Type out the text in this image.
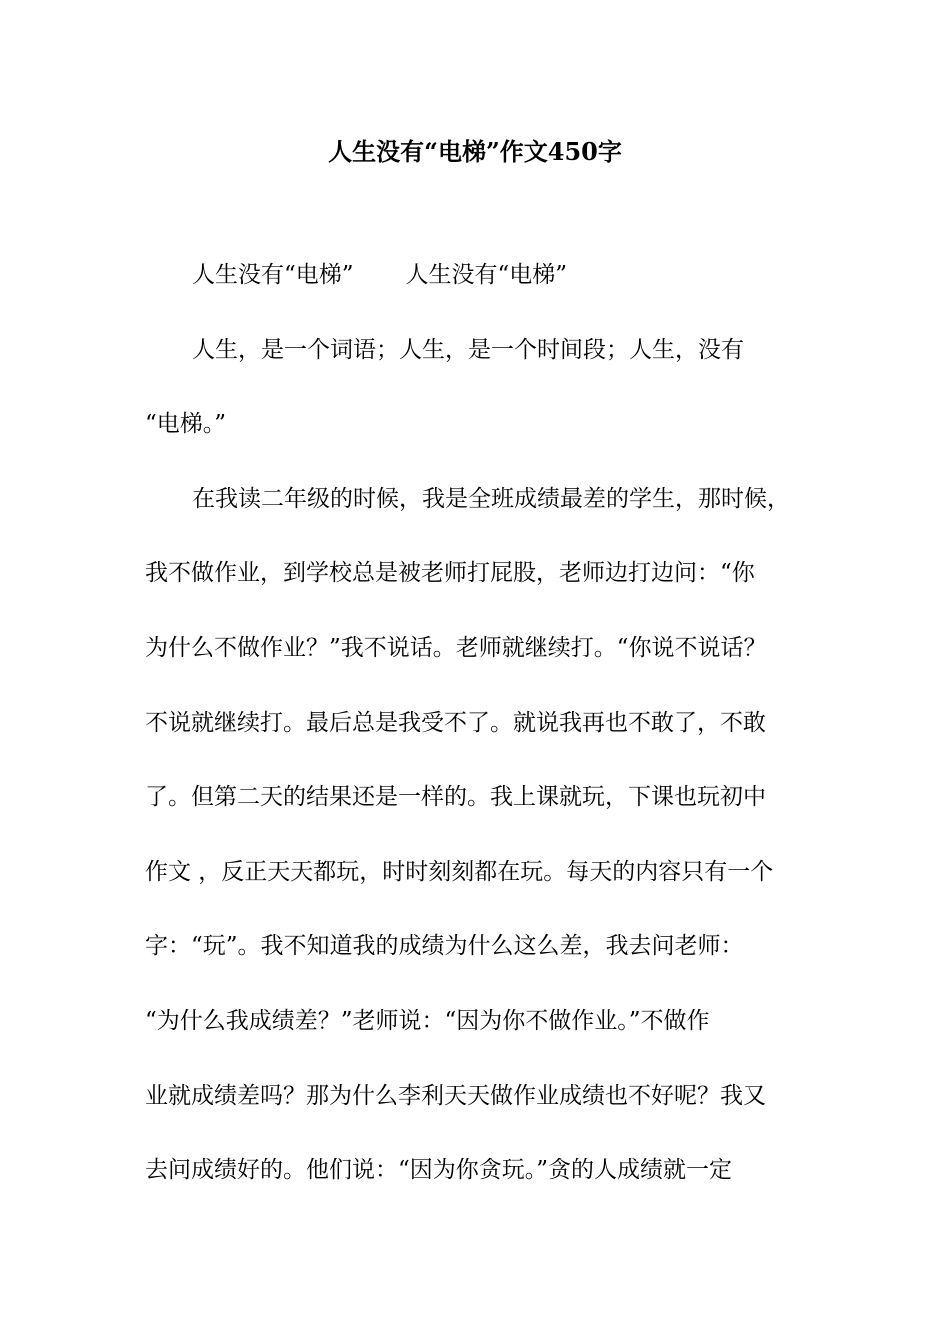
人生没有“电梯”作文450字
人生没有“电梯” 人生没有“电梯”
人生，是一个词语；人生，是一个时间段；人生，没有
“电梯。”
在我读二年级的时候，我是全班成绩最差的学生，那时候，
我不做作业，到学校总是被老师打屁股，老师边打边问：“你
为什么不做作业？”我不说话。老师就继续打。“你说不说话？
不说就继续打。最后总是我受不了。就说我再也不敢了，不敢
了。但第二天的结果还是一样的。我上课就玩，下课也玩初中
作文 ，反正天天都玩，时时刻刻都在玩。每天的内容只有一个
字：“玩”。我不知道我的成绩为什么这么差，我去问老师：
“为什么我成绩差？”老师说：“因为你不做作业。”不做作
业就成绩差吗？那为什么李利天天做作业成绩也不好呢？我又
去问成绩好的。他们说：“因为你贪玩。”贪的人成绩就一定
